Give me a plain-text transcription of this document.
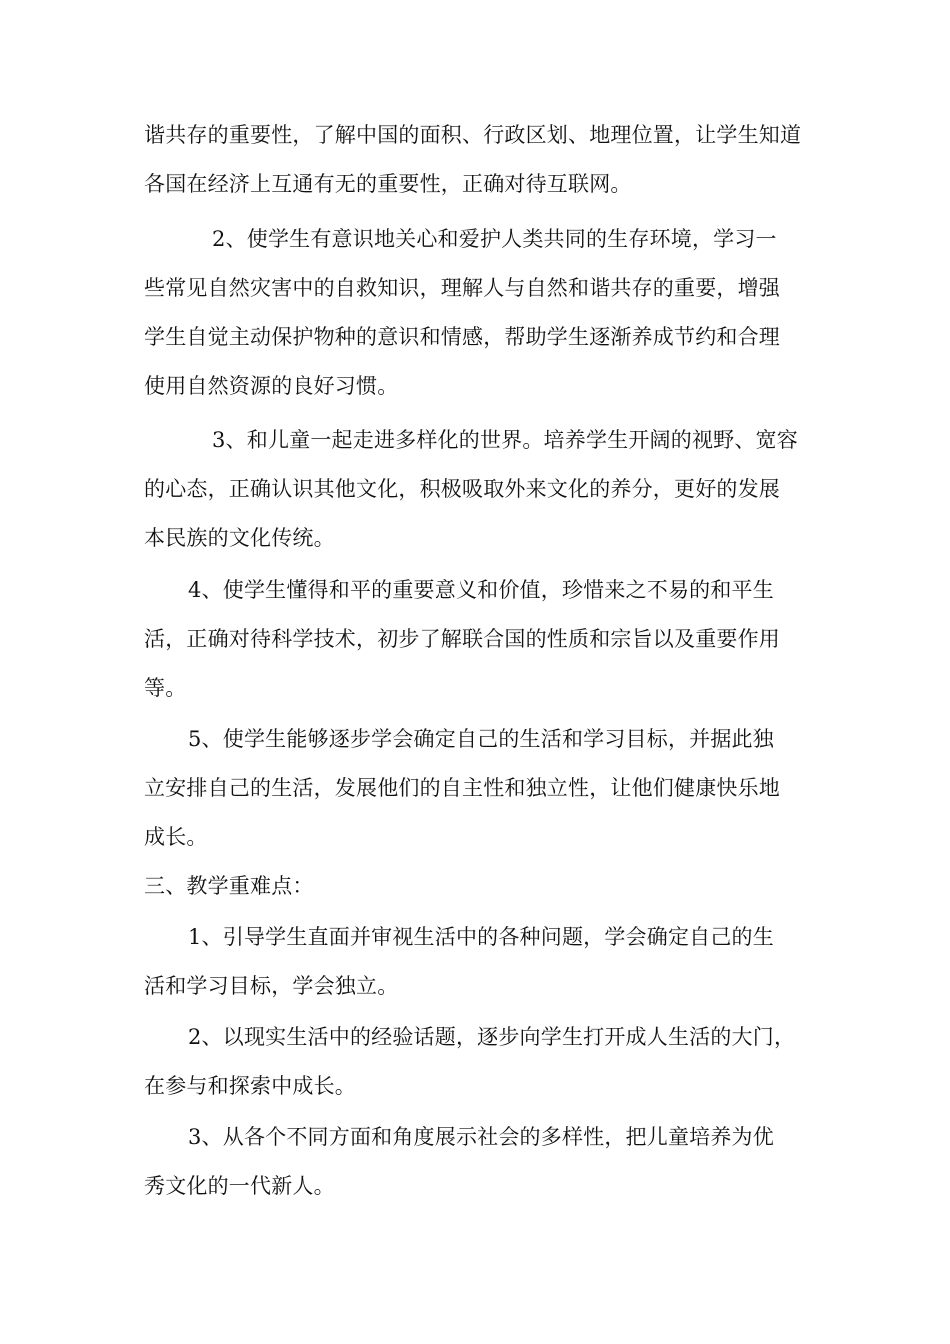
谐共存的重要性，了解中国的面积、行政区划、地理位置，让学生知道
各国在经济上互通有无的重要性，正确对待互联网。
2、使学生有意识地关心和爱护人类共同的生存环境，学习一
些常见自然灾害中的自救知识，理解人与自然和谐共存的重要，增强
学生自觉主动保护物种的意识和情感，帮助学生逐渐养成节约和合理
使用自然资源的良好习惯。
3、和儿童一起走进多样化的世界。培养学生开阔的视野、宽容
的心态，正确认识其他文化，积极吸取外来文化的养分，更好的发展
本民族的文化传统。
4、使学生懂得和平的重要意义和价值，珍惜来之不易的和平生
活，正确对待科学技术，初步了解联合国的性质和宗旨以及重要作用
等。
5、使学生能够逐步学会确定自己的生活和学习目标，并据此独
立安排自己的生活，发展他们的自主性和独立性，让他们健康快乐地
成长。
三、教学重难点：
1、引导学生直面并审视生活中的各种问题，学会确定自己的生
活和学习目标，学会独立。
2、以现实生活中的经验话题，逐步向学生打开成人生活的大门，
在参与和探索中成长。
3、从各个不同方面和角度展示社会的多样性，把儿童培养为优
秀文化的一代新人。
